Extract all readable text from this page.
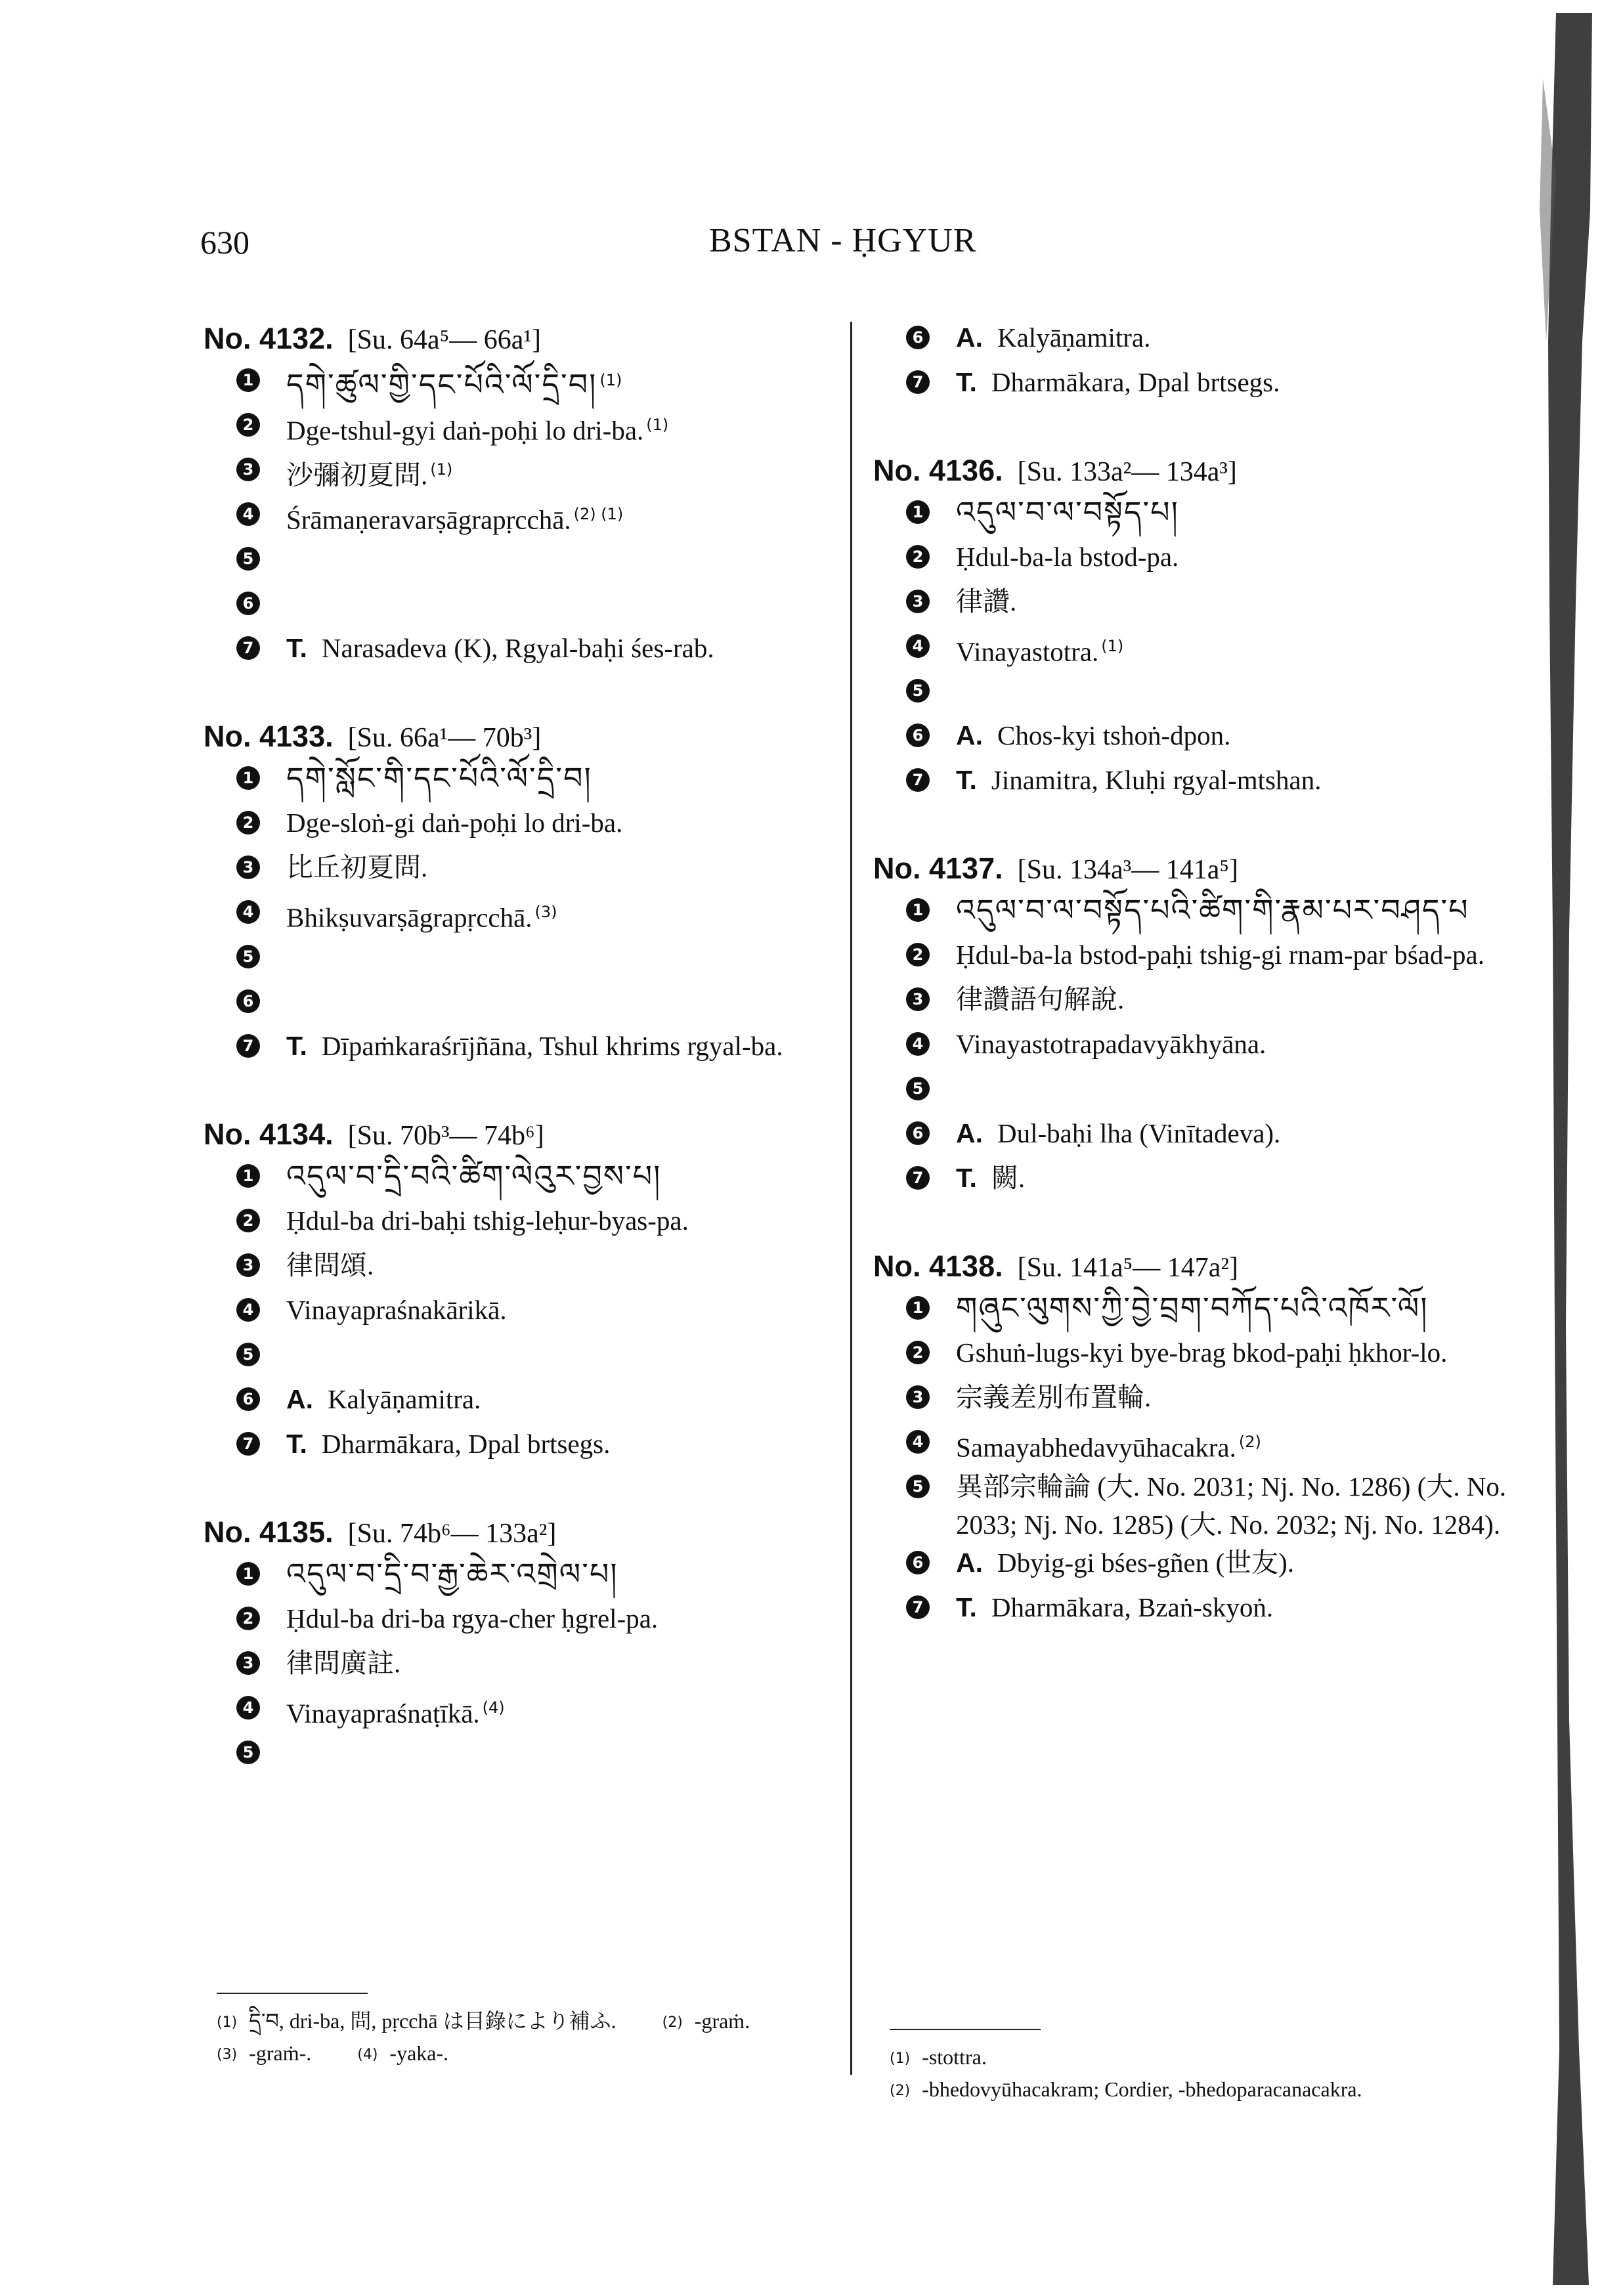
630	BSTAN - ḤGYUR
No. 4132. [Su. 64a⁵— 66a¹]
1 དགེ་ཚུལ་གྱི་དང་པོའི་ལོ་དྲི་བ། $^{(1)}$
2 Dge-tshul-gyi daṅ-poḥi lo dri-ba. $^{(1)}$
3 沙彌初夏問. $^{(1)}$
4 Śrāmaṇeravarṣāgrapṛcchā. $^{(2) (1)}$
5
6
7 T. Narasadeva (K), Rgyal-baḥi śes-rab.
No. 4133. [Su. 66a¹— 70b³]
1 དགེ་སློང་གི་དང་པོའི་ལོ་དྲི་བ།
2 Dge-sloṅ-gi daṅ-poḥi lo dri-ba.
3 比丘初夏問.
4 Bhikṣuvarṣāgrapṛcchā. $^{(3)}$
5
6
7 T. Dīpaṁkaraśrījñāna, Tshul khrims rgyal-ba.
No. 4134. [Su. 70b³— 74b⁶]
1 འདུལ་བ་དྲི་བའི་ཚིག་ལེའུར་བྱས་པ།
2 Ḥdul-ba dri-baḥi tshig-leḥur-byas-pa.
3 律問頌.
4 Vinayapraśnakārikā.
5
6 A. Kalyāṇamitra.
7 T. Dharmākara, Dpal brtsegs.
No. 4135. [Su. 74b⁶— 133a²]
1 འདུལ་བ་དྲི་བ་རྒྱ་ཆེར་འགྲེལ་པ།
2 Ḥdul-ba dri-ba rgya-cher ḥgrel-pa.
3 律問廣註.
4 Vinayapraśnaṭīkā. $^{(4)}$
5
6 A. Kalyāṇamitra.
7 T. Dharmākara, Dpal brtsegs.
No. 4136. [Su. 133a²— 134a³]
1 འདུལ་བ་ལ་བསྟོད་པ།
2 Ḥdul-ba-la bstod-pa.
3 律讚.
4 Vinayastotra. $^{(1)}$
5
6 A. Chos-kyi tshoṅ-dpon.
7 T. Jinamitra, Kluḥi rgyal-mtshan.
No. 4137. [Su. 134a³— 141a⁵]
1 འདུལ་བ་ལ་བསྟོད་པའི་ཚིག་གི་རྣམ་པར་བཤད་པ
2 Ḥdul-ba-la bstod-paḥi tshig-gi rnam-par bśad-pa.
3 律讚語句解說.
4 Vinayastotrapadavyākhyāna.
5
6 A. Dul-baḥi lha (Vinītadeva).
7 T. 闕.
No. 4138. [Su. 141a⁵— 147a²]
1 གཞུང་ལུགས་ཀྱི་བྱེ་བྲག་བཀོད་པའི་འཁོར་ལོ།
2 Gshuṅ-lugs-kyi bye-brag bkod-paḥi ḥkhor-lo.
3 宗義差別布置輪.
4 Samayabhedavyūhacakra. $^{(2)}$
5 異部宗輪論 (大. No. 2031; Nj. No. 1286) (大. No. 2033; Nj. No. 1285) (大. No. 2032; Nj. No. 1284).
6 A. Dbyig-gi bśes-gñen (世友).
7 T. Dharmākara, Bzaṅ-skyoṅ.
(1) དྲི་བ, dri-ba, 問, pṛcchā は目錄により補ふ.	(2) -graṁ.(3) -graṁ-.	(4) -yaka-.	(1) -stottra.
(2) -bhedovyūhacakram; Cordier, -bhedoparacanacakra.
